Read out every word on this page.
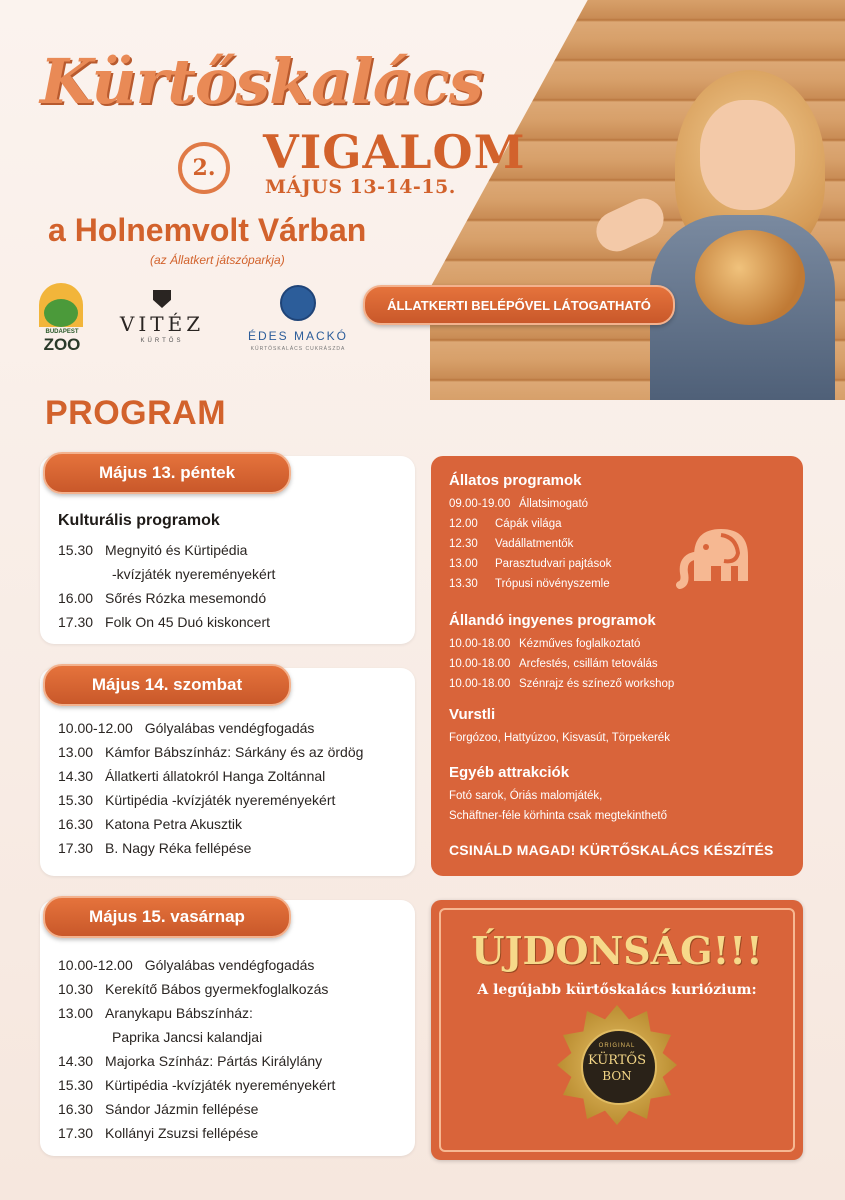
Kürtőskalács
2.	VIGALOM
MÁJUS 13-14-15.
a Holnemvolt Várban
(az Állatkert játszóparkja)
ÁLLATKERTI BELÉPŐVEL LÁTOGATHATÓ
BUDAPEST
ZOO
VITÉZ
KÜRTŐS	ÉDES MACKÓ
KÜRTŐSKALÁCS CUKRÁSZDA
PROGRAM
Május 13. péntek
Kulturális programok
15.30 Megnyitó és Kürtipédia
-kvízjáték nyereményekért
16.00 Sőrés Rózka mesemondó
17.30 Folk On 45 Duó kiskoncert
Május 14. szombat
10.00-12.00 Gólyalábas vendégfogadás
13.00 Kámfor Bábszínház: Sárkány és az ördög
14.30 Állatkerti állatokról Hanga Zoltánnal
15.30 Kürtipédia -kvízjáték nyereményekért
16.30 Katona Petra Akusztik
17.30 B. Nagy Réka fellépése
Május 15. vasárnap
10.00-12.00 Gólyalábas vendégfogadás
10.30 Kerekítő Bábos gyermekfoglalkozás
13.00 Aranykapu Bábszínház:
Paprika Jancsi kalandjai
14.30 Majorka Színház: Pártás Királylány
15.30 Kürtipédia -kvízjáték nyereményekért
16.30 Sándor Jázmin fellépése
17.30 Kollányi Zsuzsi fellépése
Állatos programok
09.00-19.00 Állatsimogató
12.00	Cápák világa
12.30	Vadállatmentők
13.00	Parasztudvari pajtások
13.30	Trópusi növényszemle
Állandó ingyenes programok
10.00-18.00 Kézműves foglalkoztató
10.00-18.00 Arcfestés, csillám tetoválás
10.00-18.00 Szénrajz és színező workshop
Vurstli
Forgózoo, Hattyúzoo, Kisvasút, Törpekerék
Egyéb attrakciók
Fotó sarok, Óriás malomjáték,
Schäftner-féle körhinta csak megtekinthető
CSINÁLD MAGAD! KÜRTŐSKALÁCS KÉSZÍTÉS
ÚJDONSÁG!!!
A legújabb kürtőskalács kuriózium:
ORIGINAL
KÜRTŐS
BON
